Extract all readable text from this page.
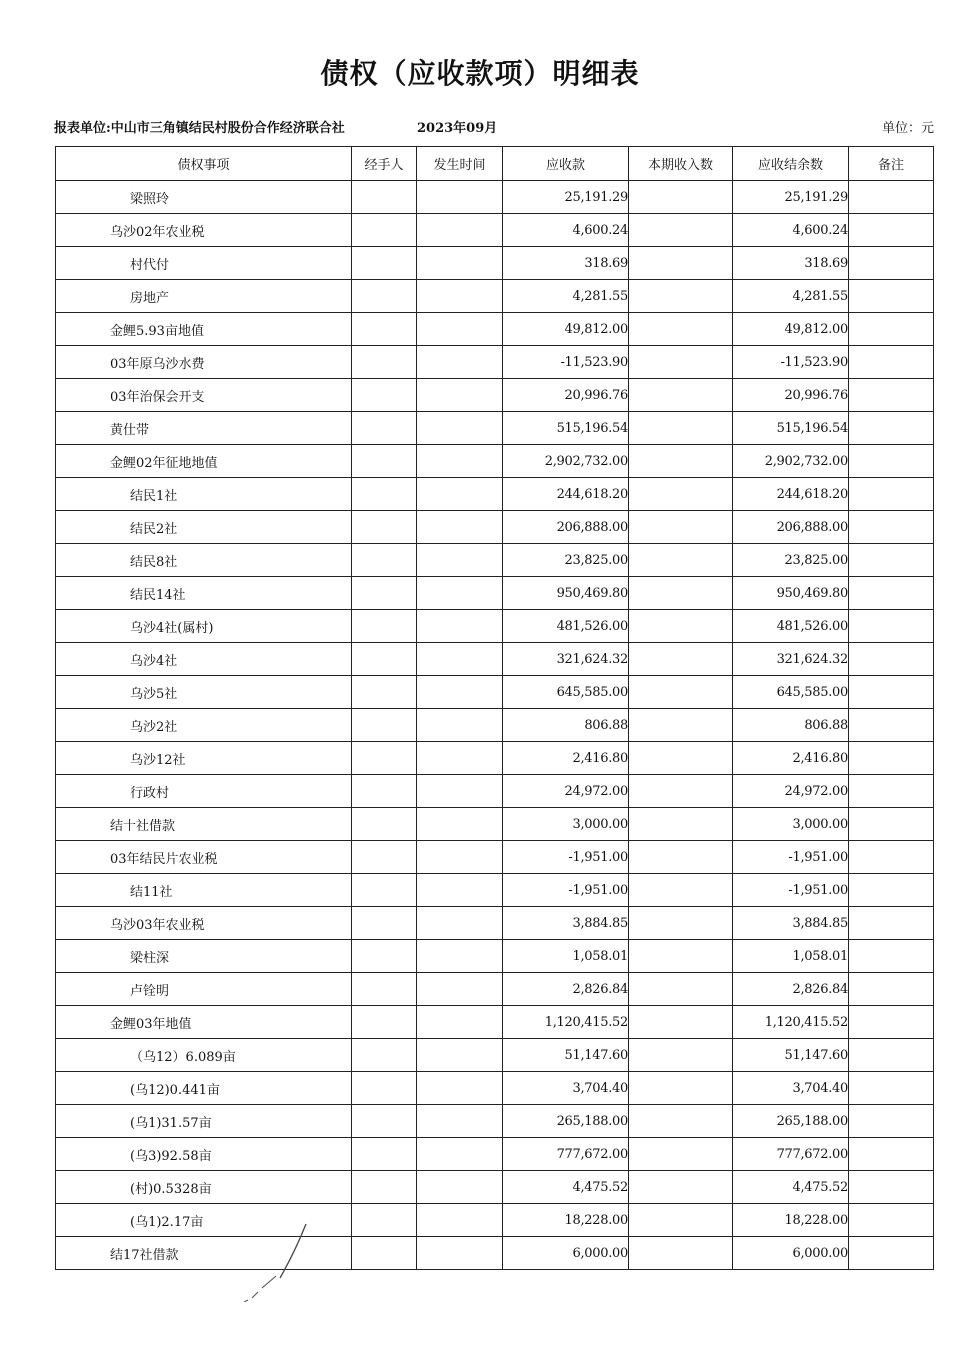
债权（应收款项）明细表
报表单位:中山市三角镇结民村股份合作经济联合社	2023年09月	单位：元
债权事项	经手人	发生时间	应收款	本期收入数	应收结余数	备注
梁照玲			25,191.29		25,191.29	
乌沙02年农业税			4,600.24		4,600.24	
村代付			318.69		318.69	
房地产			4,281.55		4,281.55	
金鲤5.93亩地值			49,812.00		49,812.00	
03年原乌沙水费			-11,523.90		-11,523.90	
03年治保会开支			20,996.76		20,996.76	
黄仕带			515,196.54		515,196.54	
金鲤02年征地地值			2,902,732.00		2,902,732.00	
结民1社			244,618.20		244,618.20	
结民2社			206,888.00		206,888.00	
结民8社			23,825.00		23,825.00	
结民14社			950,469.80		950,469.80	
乌沙4社(属村)			481,526.00		481,526.00	
乌沙4社			321,624.32		321,624.32	
乌沙5社			645,585.00		645,585.00	
乌沙2社			806.88		806.88	
乌沙12社			2,416.80		2,416.80	
行政村			24,972.00		24,972.00	
结十社借款			3,000.00		3,000.00	
03年结民片农业税			-1,951.00		-1,951.00	
结11社			-1,951.00		-1,951.00	
乌沙03年农业税			3,884.85		3,884.85	
梁柱深			1,058.01		1,058.01	
卢铨明			2,826.84		2,826.84	
金鲤03年地值			1,120,415.52		1,120,415.52	
（乌12）6.089亩			51,147.60		51,147.60	
(乌12)0.441亩			3,704.40		3,704.40	
(乌1)31.57亩			265,188.00		265,188.00	
(乌3)92.58亩			777,672.00		777,672.00	
(村)0.5328亩			4,475.52		4,475.52	
(乌1)2.17亩			18,228.00		18,228.00	
结17社借款			6,000.00		6,000.00	
